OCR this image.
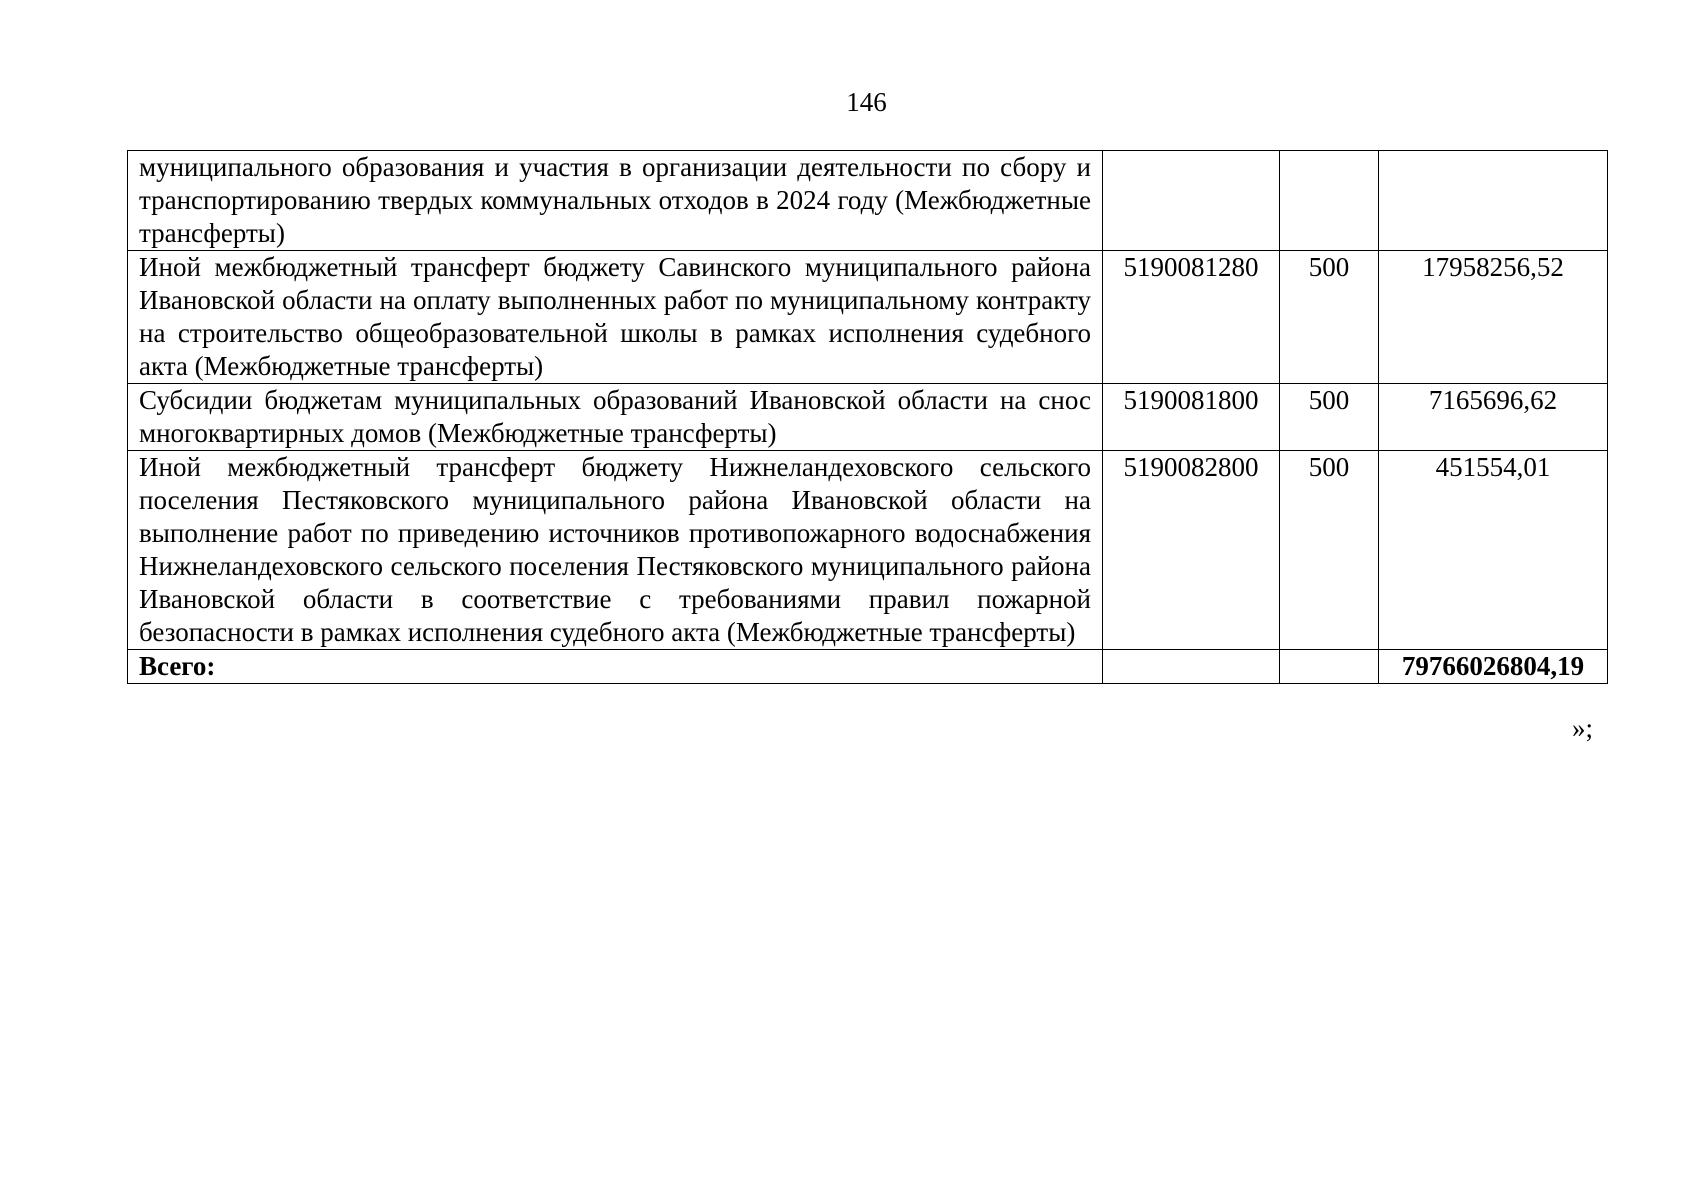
146
муниципального образования и участия в организации деятельности по сбору и транспортированию твердых коммунальных отходов в 2024 году (Межбюджетные трансферты)			
Иной межбюджетный трансферт бюджету Савинского муниципального района Ивановской области на оплату выполненных работ по муниципальному контракту на строительство общеобразовательной школы в рамках исполнения судебного акта (Межбюджетные трансферты)	5190081280	500	17958256,52
Субсидии бюджетам муниципальных образований Ивановской области на снос многоквартирных домов (Межбюджетные трансферты)	5190081800	500	7165696,62
Иной межбюджетный трансферт бюджету Нижнеландеховского сельского поселения Пестяковского муниципального района Ивановской области на выполнение работ по приведению источников противопожарного водоснабжения Нижнеландеховского сельского поселения Пестяковского муниципального района Ивановской области в соответствие с требованиями правил пожарной безопасности в рамках исполнения судебного акта (Межбюджетные трансферты)	5190082800	500	451554,01
Всего:			79766026804,19
»;
